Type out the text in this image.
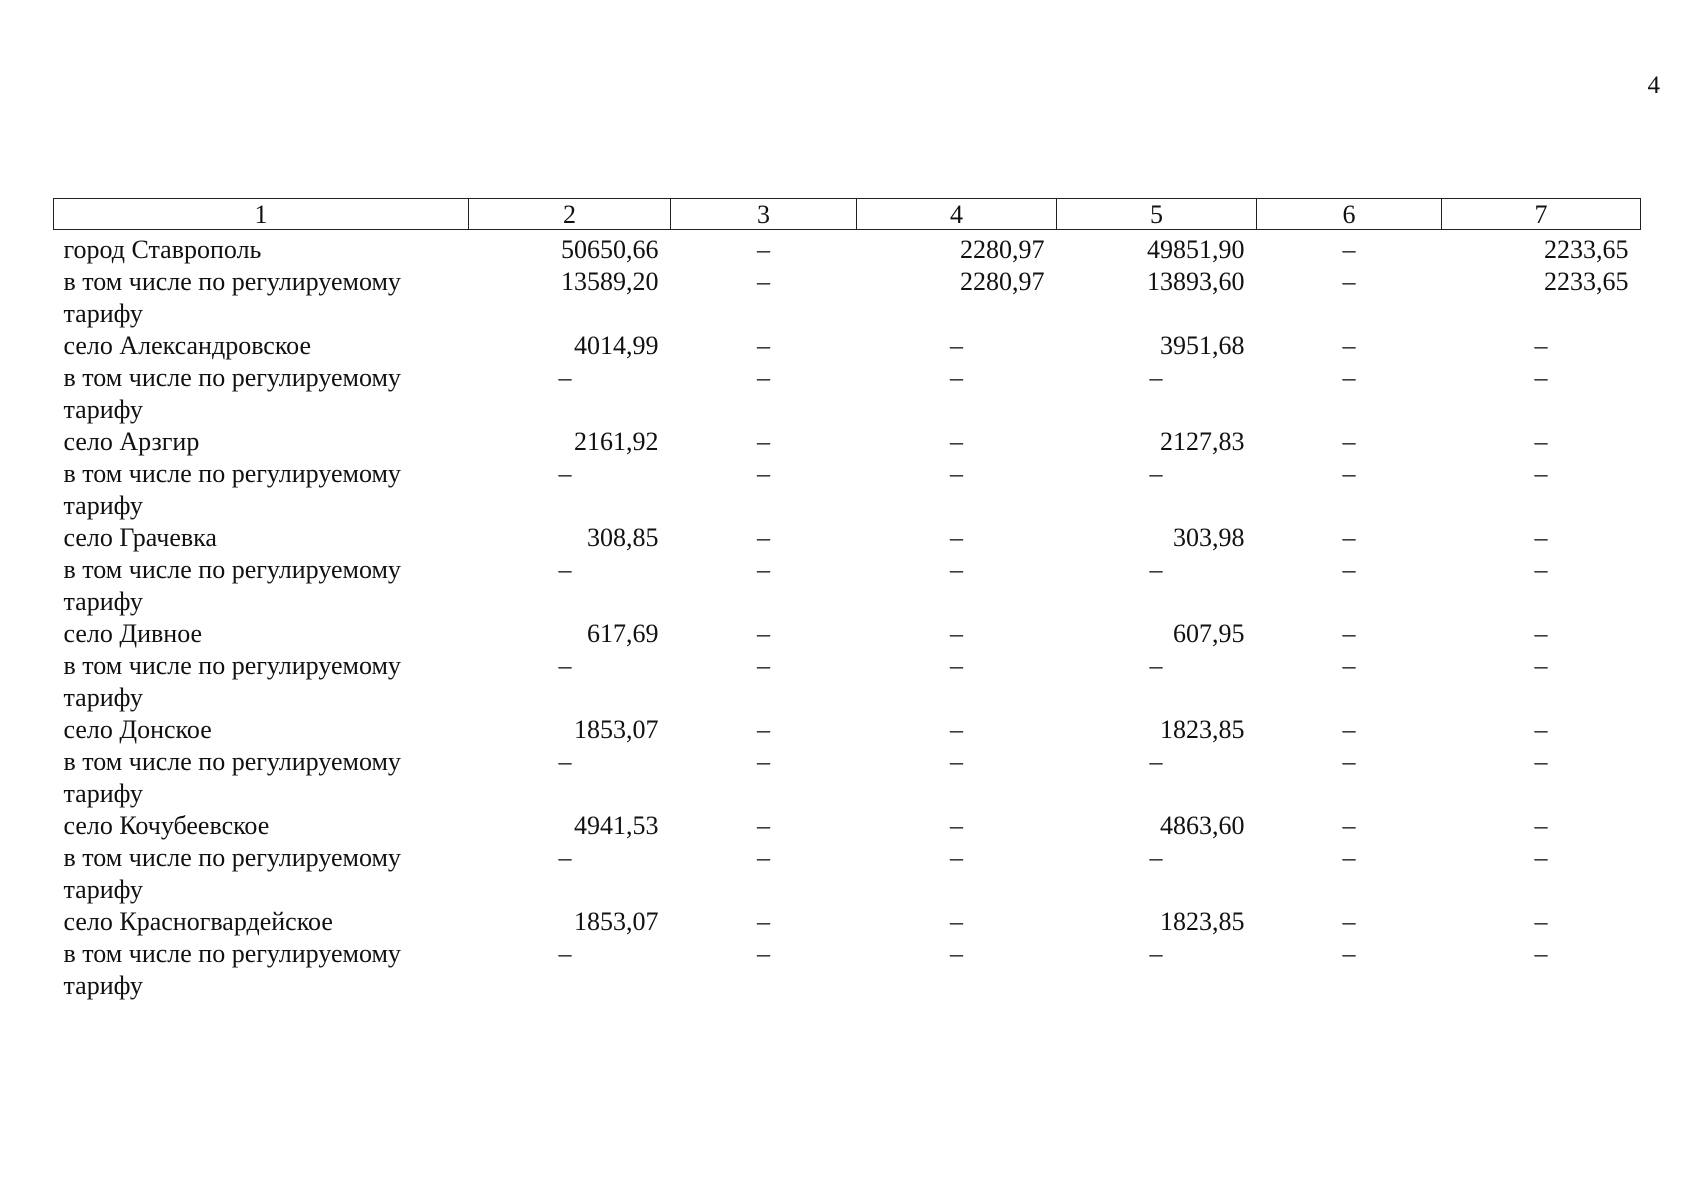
4
1	2	3	4	5	6	7
город Ставрополь	50650,66	–	2280,97	49851,90	–	2233,65
в том числе по регулируемому тарифу	13589,20	–	2280,97	13893,60	–	2233,65
село Александровское	4014,99	–	–	3951,68	–	–
в том числе по регулируемому тарифу	–	–	–	–	–	–
село Арзгир	2161,92	–	–	2127,83	–	–
в том числе по регулируемому тарифу	–	–	–	–	–	–
село Грачевка	308,85	–	–	303,98	–	–
в том числе по регулируемому тарифу	–	–	–	–	–	–
село Дивное	617,69	–	–	607,95	–	–
в том числе по регулируемому тарифу	–	–	–	–	–	–
село Донское	1853,07	–	–	1823,85	–	–
в том числе по регулируемому тарифу	–	–	–	–	–	–
село Кочубеевское	4941,53	–	–	4863,60	–	–
в том числе по регулируемому тарифу	–	–	–	–	–	–
село Красногвардейское	1853,07	–	–	1823,85	–	–
в том числе по регулируемому тарифу	–	–	–	–	–	–
